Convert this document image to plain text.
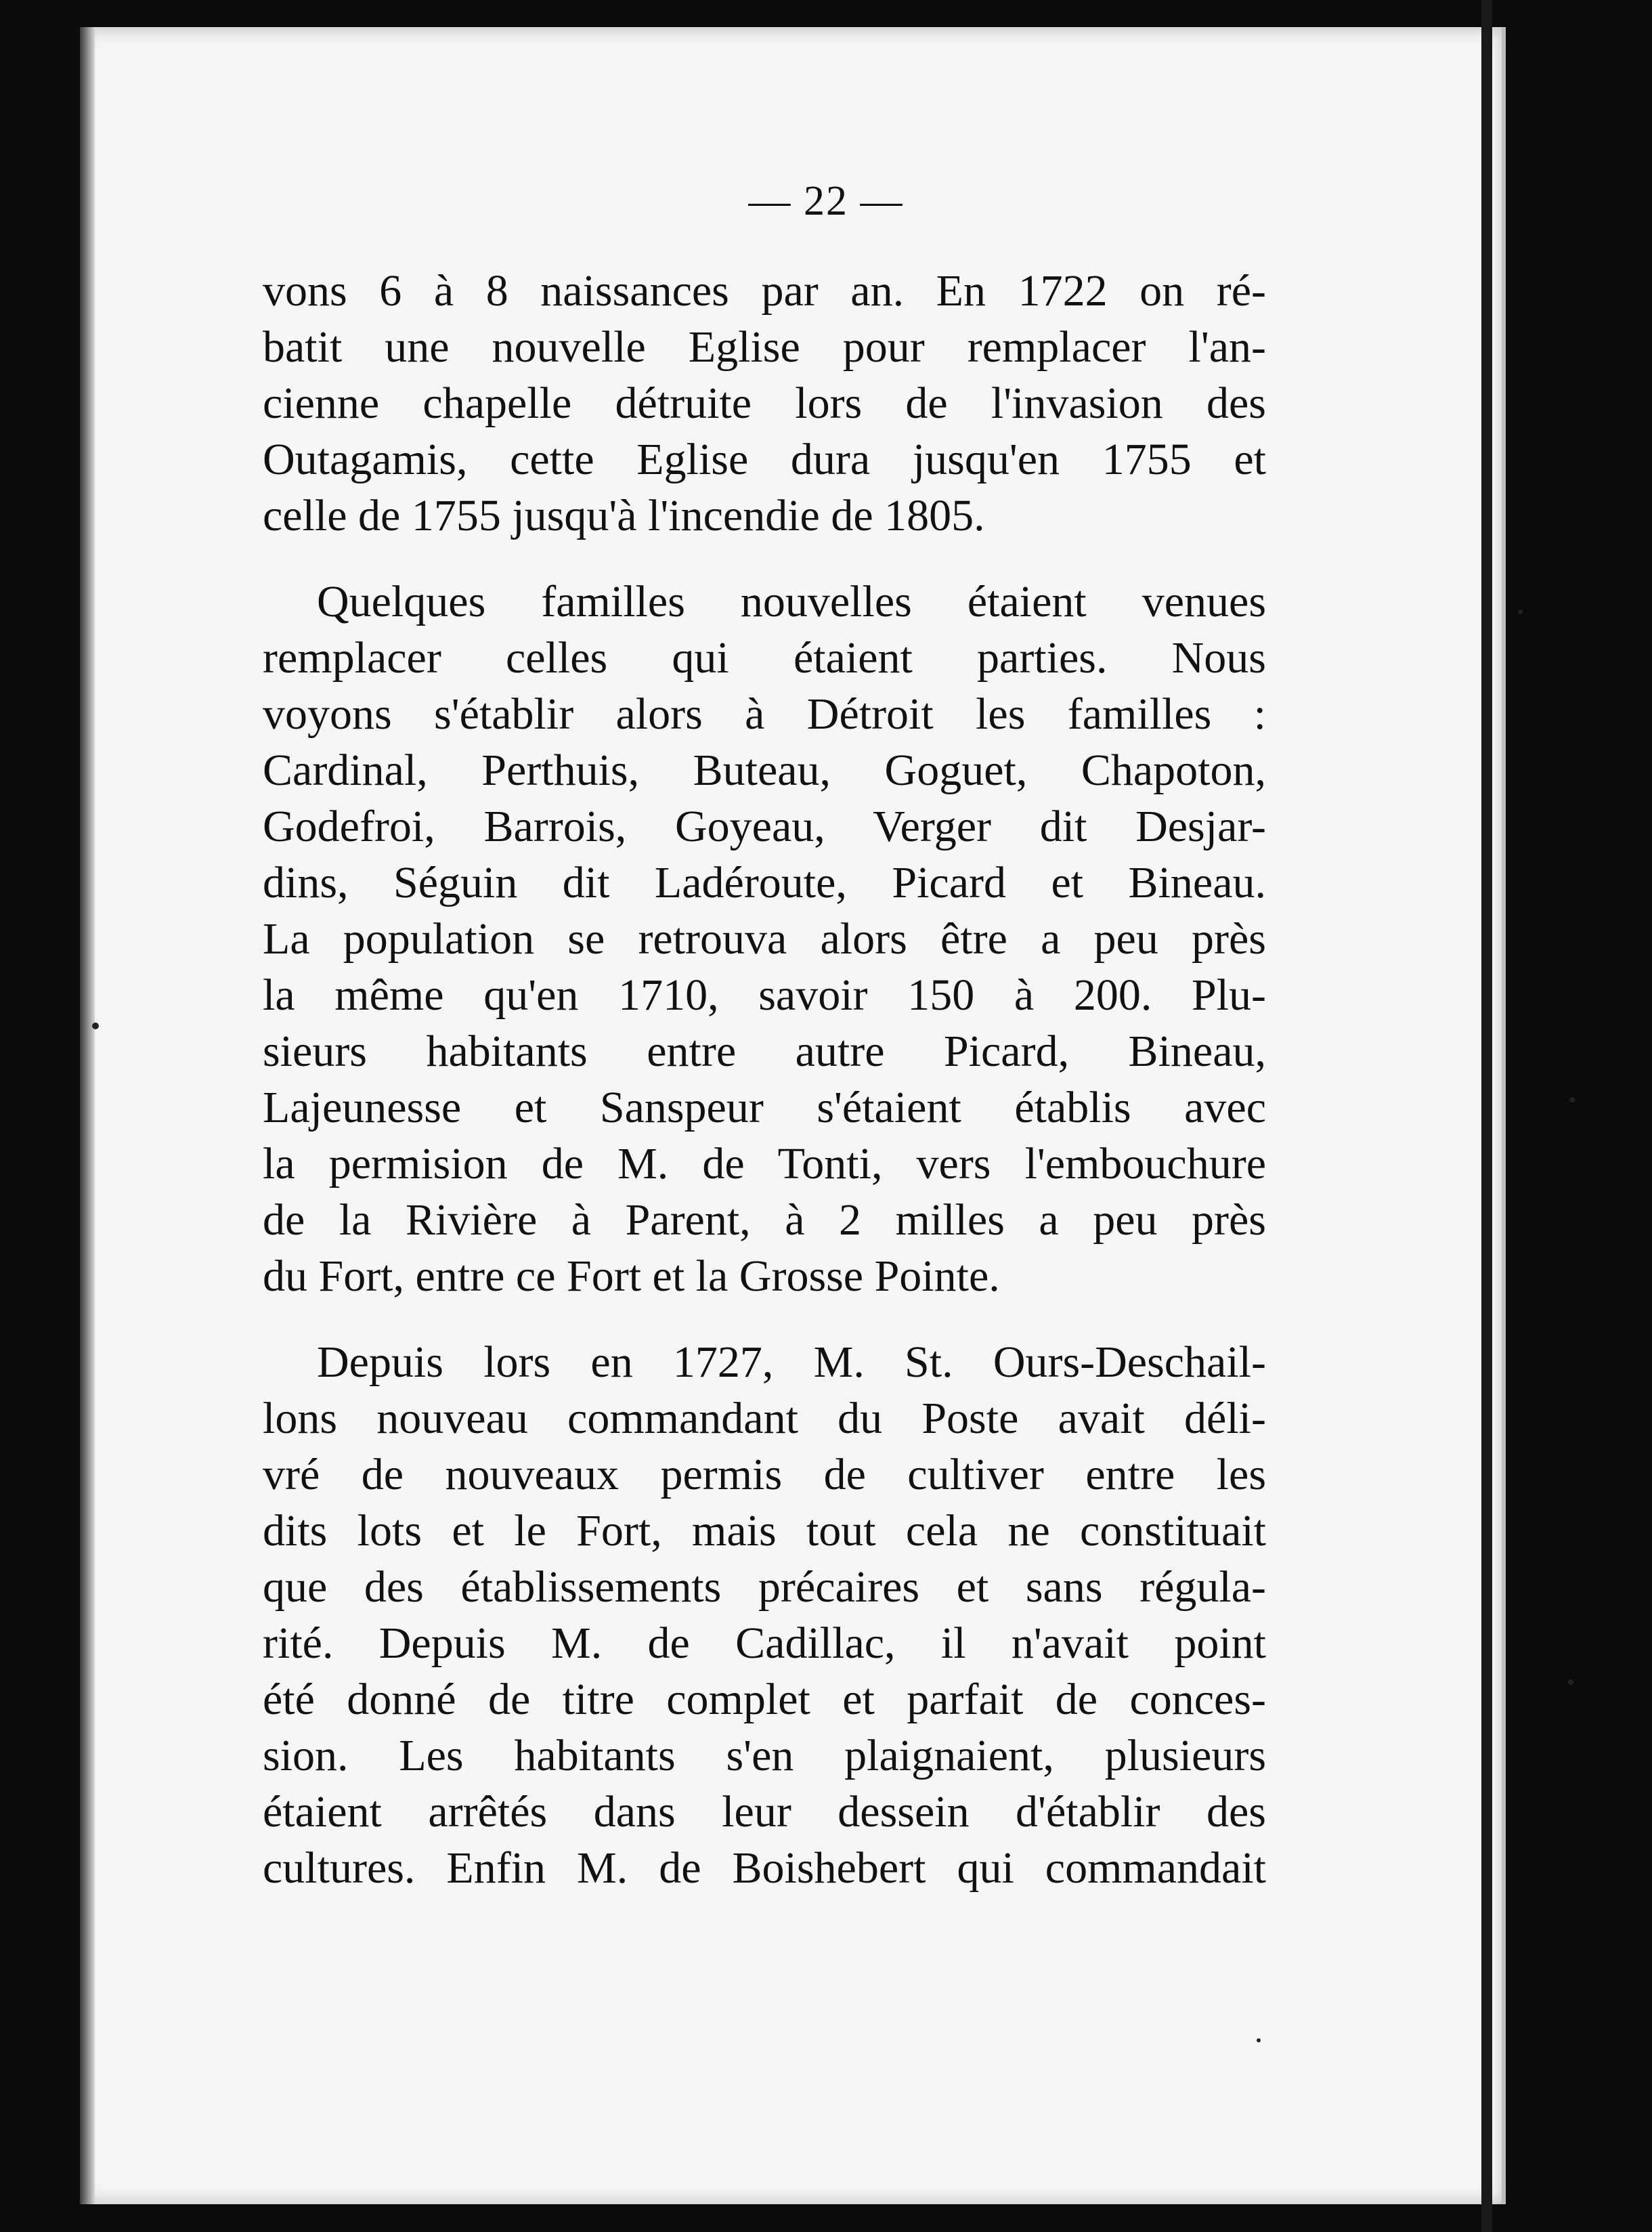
— 22 —

vons 6 à 8 naissances par an. En 1722 on ré-
batit une nouvelle Eglise pour remplacer l'an-
cienne chapelle détruite lors de l'invasion des
Outagamis, cette Eglise dura jusqu'en 1755 et
celle de 1755 jusqu'à l'incendie de 1805.

Quelques familles nouvelles étaient venues
remplacer celles qui étaient parties. Nous
voyons s'établir alors à Détroit les familles :
Cardinal, Perthuis, Buteau, Goguet, Chapoton,
Godefroi, Barrois, Goyeau, Verger dit Desjar-
dins, Séguin dit Ladéroute, Picard et Bineau.
La population se retrouva alors être a peu près
la même qu'en 1710, savoir 150 à 200. Plu-
sieurs habitants entre autre Picard, Bineau,
Lajeunesse et Sanspeur s'étaient établis avec
la permision de M. de Tonti, vers l'embouchure
de la Rivière à Parent, à 2 milles a peu près
du Fort, entre ce Fort et la Grosse Pointe.

Depuis lors en 1727, M. St. Ours-Deschail-
lons nouveau commandant du Poste avait déli-
vré de nouveaux permis de cultiver entre les
dits lots et le Fort, mais tout cela ne constituait
que des établissements précaires et sans régula-
rité. Depuis M. de Cadillac, il n'avait point
été donné de titre complet et parfait de conces-
sion. Les habitants s'en plaignaient, plusieurs
étaient arrêtés dans leur dessein d'établir des
cultures. Enfin M. de Boishebert qui commandait
